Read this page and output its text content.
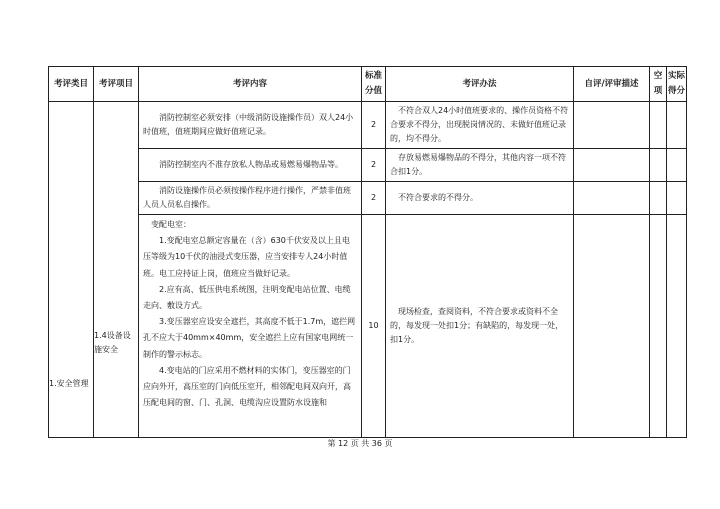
考评类目	考评项目	考评内容	标准分值	考评办法	自评/评审描述	空项	实际得分
1.安全管理	1.4设备设施安全	消防控制室必须安排（中级消防设施操作员）双人24小时值班，值班期间应做好值班记录。	2	不符合双人24小时值班要求的、操作员资格不符合要求不得分，出现脱岗情况的、未做好值班记录的，均不得分。			

		消防控制室内不准存放私人物品或易燃易爆物品等。	2	存放易燃易爆物品的不得分，其他内容一项不符合扣1分。			

		消防设施操作员必须按操作程序进行操作，严禁非值班人员人员私自操作。	2	不符合要求的不得分。			

		变配电室：

1.变配电室总额定容量在（含）630千伏安及以上且电压等级为10千伏的油浸式变压器，应当安排专人24小时值班。电工应持证上岗，值班应当做好记录。

2.应有高、低压供电系统图，注明变配电站位置、电缆走向、敷设方式。

3.变压器室应设安全遮拦，其高度不低于1.7m，遮拦网孔不应大于40mm×40mm，安全遮拦上应有国家电网统一制作的警示标志。

4.变电站的门应采用不燃材料的实体门，变压器室的门应向外开，高压室的门向低压室开，相邻配电间双向开，高压配电间的窗、门、孔洞、电缆沟应设置防水设施和	10	现场检查，查阅资料，不符合要求或资料不全的，每发现一处扣1分；有缺陷的，每发现一处，扣1分。			

第 12 页 共 36 页
